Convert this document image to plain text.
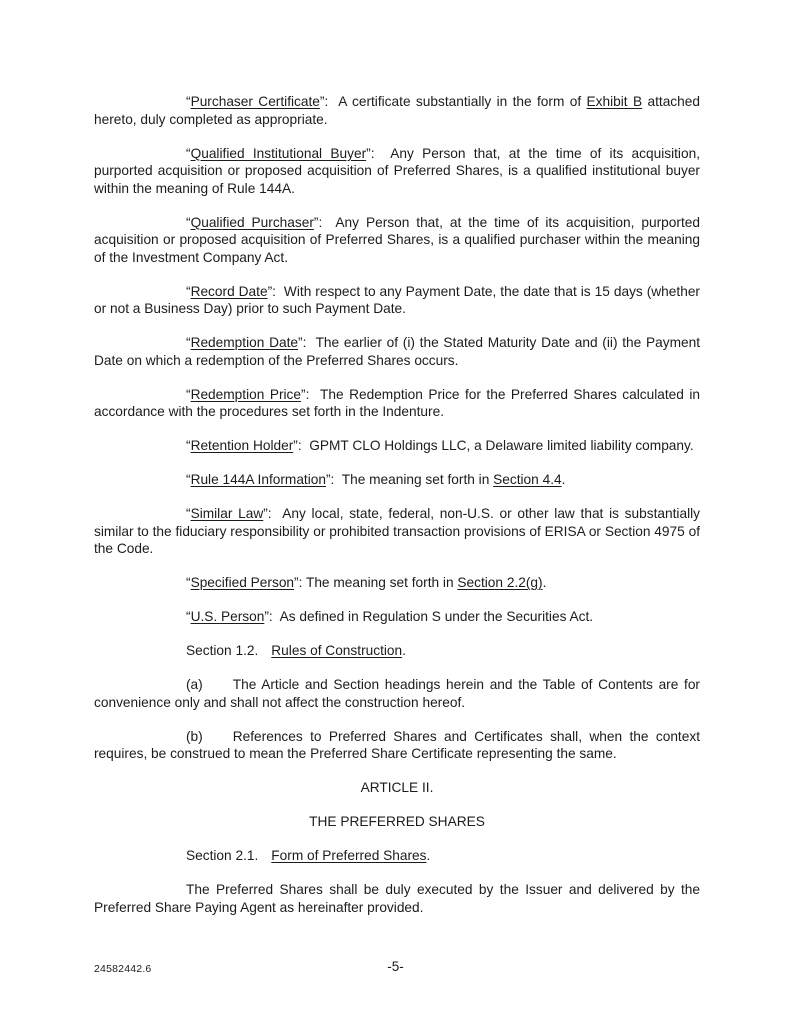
“Purchaser Certificate”:  A certificate substantially in the form of Exhibit B attached hereto, duly completed as appropriate.

“Qualified Institutional Buyer”:  Any Person that, at the time of its acquisition, purported acquisition or proposed acquisition of Preferred Shares, is a qualified institutional buyer within the meaning of Rule 144A.

“Qualified Purchaser”:  Any Person that, at the time of its acquisition, purported acquisition or proposed acquisition of Preferred Shares, is a qualified purchaser within the meaning of the Investment Company Act.

“Record Date”:  With respect to any Payment Date, the date that is 15 days (whether or not a Business Day) prior to such Payment Date.

“Redemption Date”:  The earlier of (i) the Stated Maturity Date and (ii) the Payment Date on which a redemption of the Preferred Shares occurs.

“Redemption Price”:  The Redemption Price for the Preferred Shares calculated in accordance with the procedures set forth in the Indenture.

“Retention Holder”:  GPMT CLO Holdings LLC, a Delaware limited liability company.

“Rule 144A Information”:  The meaning set forth in Section 4.4.

“Similar Law”:  Any local, state, federal, non-U.S. or other law that is substantially similar to the fiduciary responsibility or prohibited transaction provisions of ERISA or Section 4975 of the Code.

“Specified Person”: The meaning set forth in Section 2.2(g).

“U.S. Person”:  As defined in Regulation S under the Securities Act.

Section 1.2. Rules of Construction.

(a) The Article and Section headings herein and the Table of Contents are for convenience only and shall not affect the construction hereof.

(b) References to Preferred Shares and Certificates shall, when the context requires, be construed to mean the Preferred Share Certificate representing the same.

ARTICLE II.

THE PREFERRED SHARES

Section 2.1. Form of Preferred Shares.

The Preferred Shares shall be duly executed by the Issuer and delivered by the Preferred Share Paying Agent as hereinafter provided.

24582442.6	-5-
